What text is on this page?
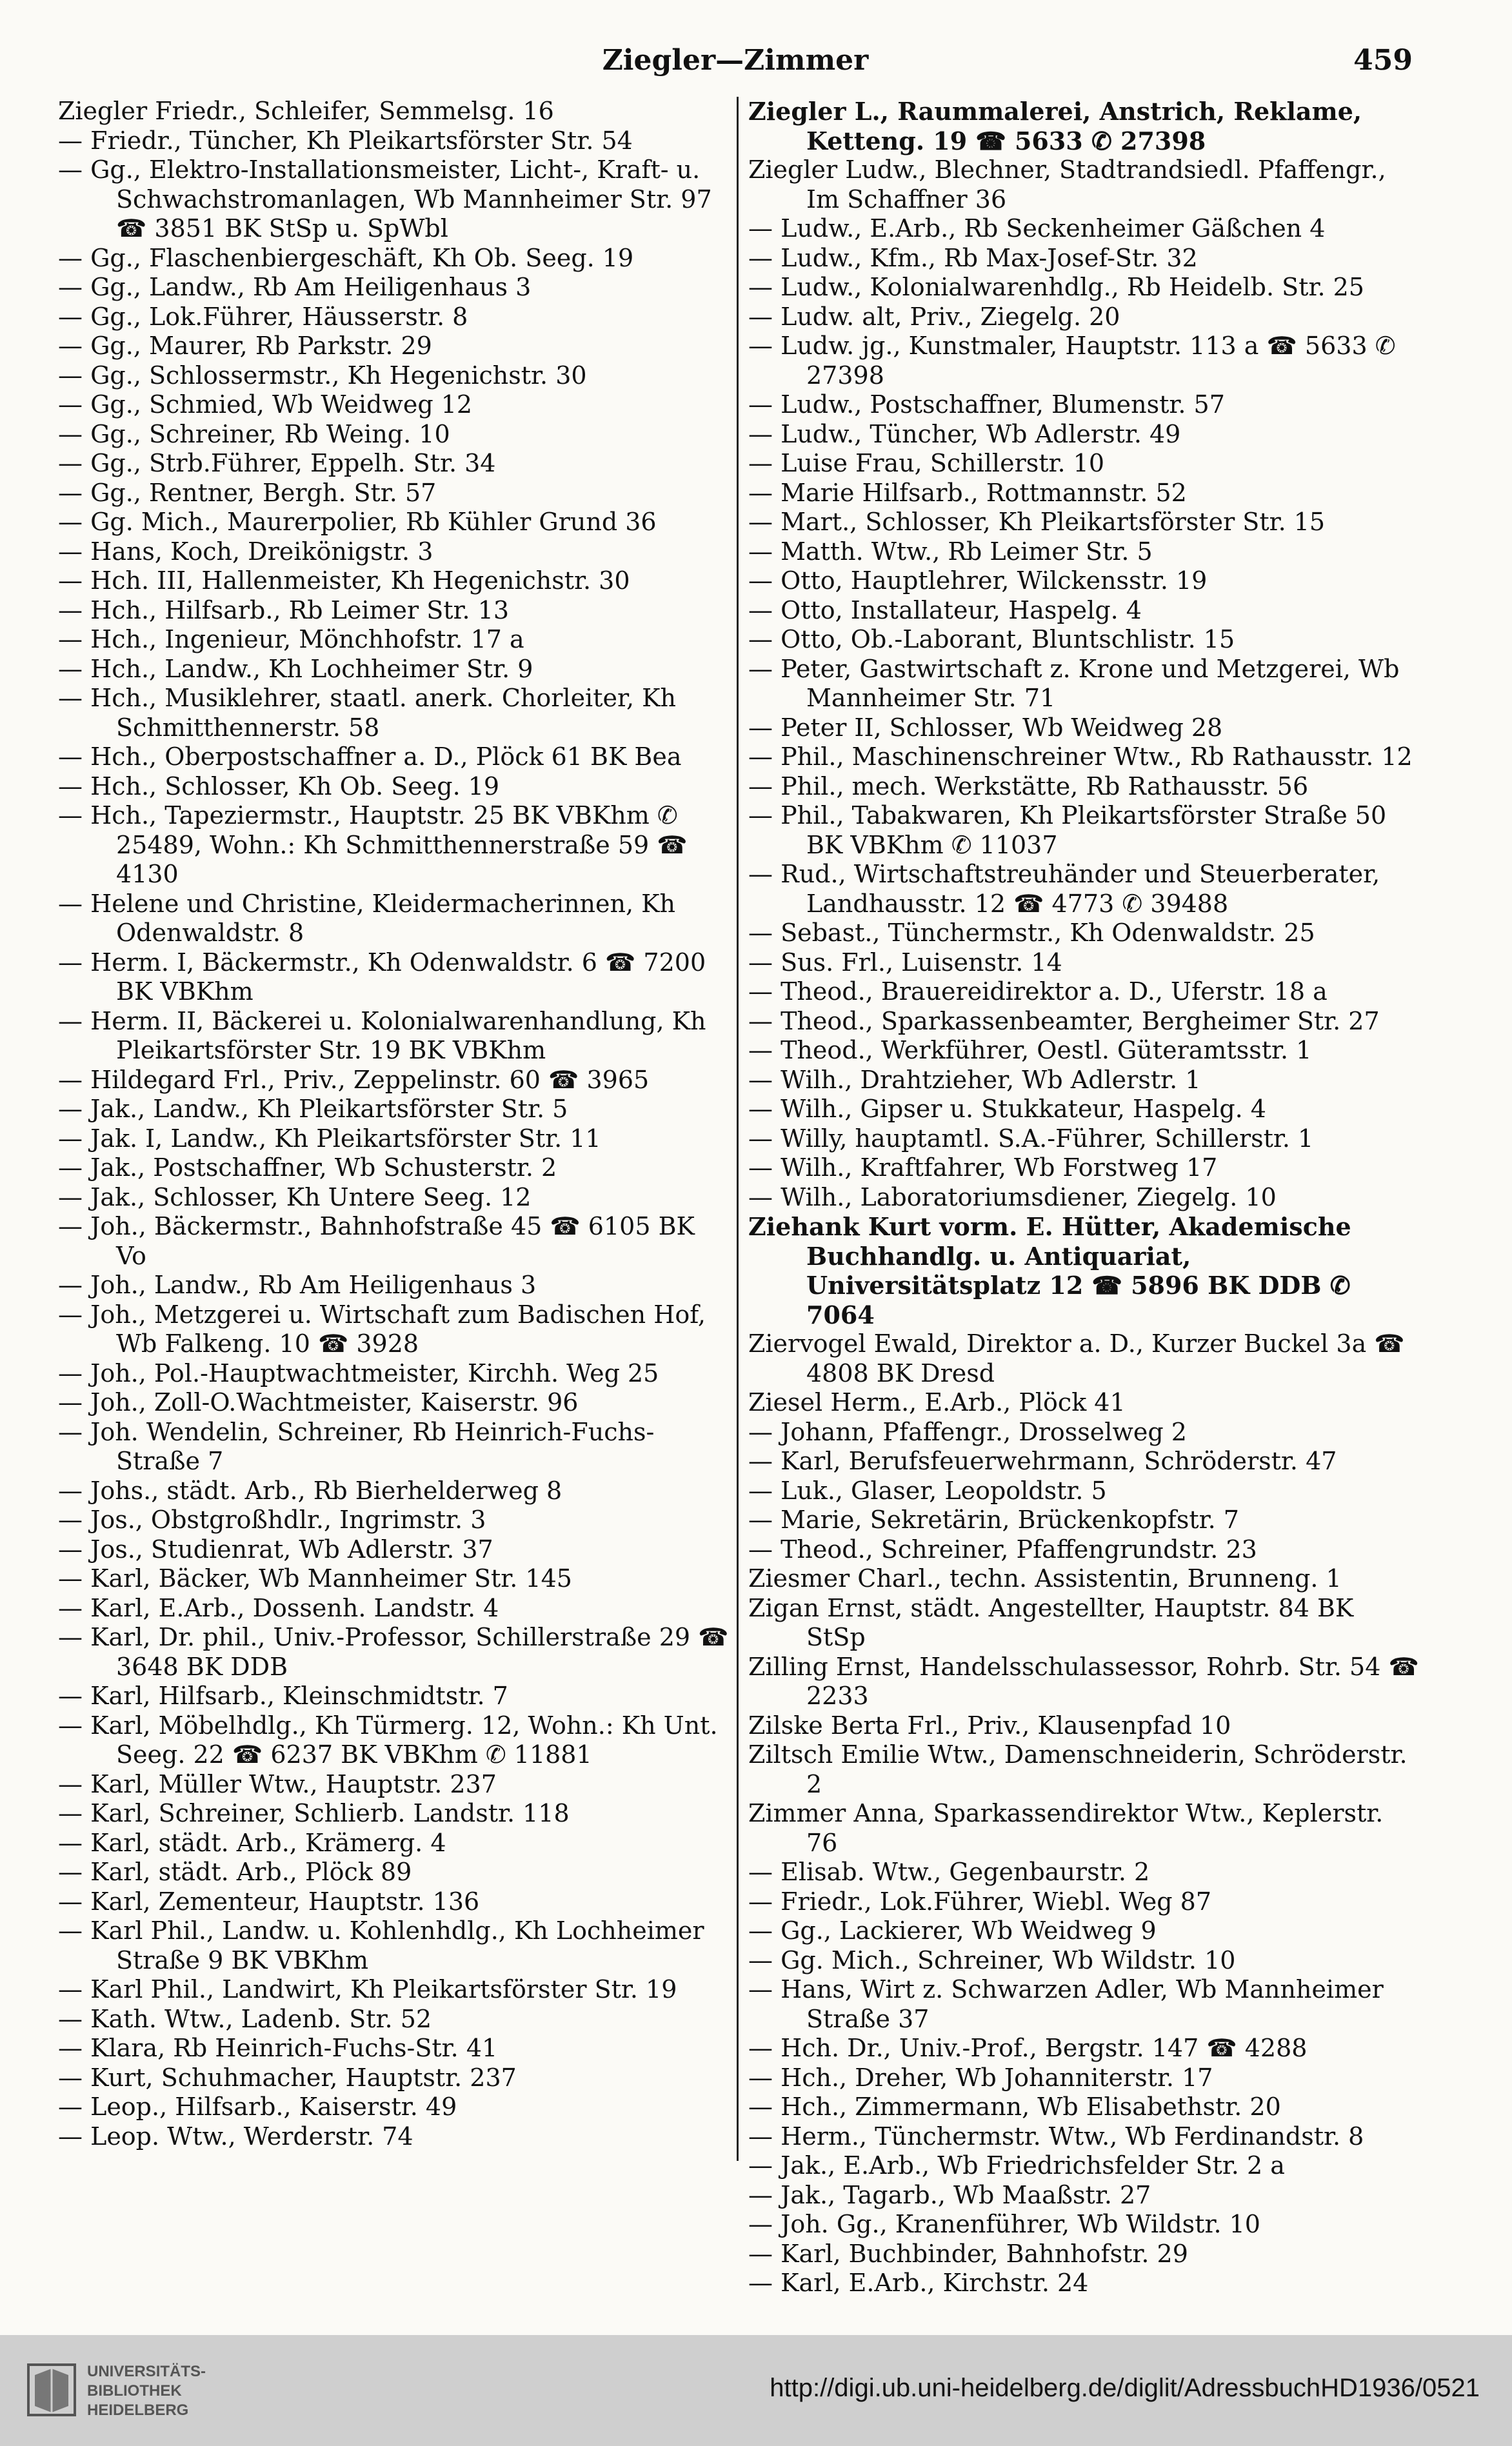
Ziegler—Zimmer	459

Ziegler Friedr., Schleifer, Semmelsg. 16

— Friedr., Tüncher, Kh Pleikartsförster Str. 54

— Gg., Elektro-Installationsmeister, Licht-, Kraft- u. Schwachstromanlagen, Wb Mannheimer Str. 97 ☎ 3851 BK StSp u. SpWbl

— Gg., Flaschenbiergeschäft, Kh Ob. Seeg. 19

— Gg., Landw., Rb Am Heiligenhaus 3

— Gg., Lok.Führer, Häusserstr. 8

— Gg., Maurer, Rb Parkstr. 29

— Gg., Schlossermstr., Kh Hegenichstr. 30

— Gg., Schmied, Wb Weidweg 12

— Gg., Schreiner, Rb Weing. 10

— Gg., Strb.Führer, Eppelh. Str. 34

— Gg., Rentner, Bergh. Str. 57

— Gg. Mich., Maurerpolier, Rb Kühler Grund 36

— Hans, Koch, Dreikönigstr. 3

— Hch. III, Hallenmeister, Kh Hegenichstr. 30

— Hch., Hilfsarb., Rb Leimer Str. 13

— Hch., Ingenieur, Mönchhofstr. 17 a

— Hch., Landw., Kh Lochheimer Str. 9

— Hch., Musiklehrer, staatl. anerk. Chorleiter, Kh Schmitthennerstr. 58

— Hch., Oberpostschaffner a. D., Plöck 61 BK Bea

— Hch., Schlosser, Kh Ob. Seeg. 19

— Hch., Tapeziermstr., Hauptstr. 25 BK VBKhm ✆ 25489, Wohn.: Kh Schmitthennerstraße 59 ☎ 4130

— Helene und Christine, Kleidermacherinnen, Kh Odenwaldstr. 8

— Herm. I, Bäckermstr., Kh Odenwaldstr. 6 ☎ 7200 BK VBKhm

— Herm. II, Bäckerei u. Kolonialwarenhandlung, Kh Pleikartsförster Str. 19 BK VBKhm

— Hildegard Frl., Priv., Zeppelinstr. 60 ☎ 3965

— Jak., Landw., Kh Pleikartsförster Str. 5

— Jak. I, Landw., Kh Pleikartsförster Str. 11

— Jak., Postschaffner, Wb Schusterstr. 2

— Jak., Schlosser, Kh Untere Seeg. 12

— Joh., Bäckermstr., Bahnhofstraße 45 ☎ 6105 BK Vo

— Joh., Landw., Rb Am Heiligenhaus 3

— Joh., Metzgerei u. Wirtschaft zum Badischen Hof, Wb Falkeng. 10 ☎ 3928

— Joh., Pol.-Hauptwachtmeister, Kirchh. Weg 25

— Joh., Zoll-O.Wachtmeister, Kaiserstr. 96

— Joh. Wendelin, Schreiner, Rb Heinrich-Fuchs-Straße 7

— Johs., städt. Arb., Rb Bierhelderweg 8

— Jos., Obstgroßhdlr., Ingrimstr. 3

— Jos., Studienrat, Wb Adlerstr. 37

— Karl, Bäcker, Wb Mannheimer Str. 145

— Karl, E.Arb., Dossenh. Landstr. 4

— Karl, Dr. phil., Univ.-Professor, Schillerstraße 29 ☎ 3648 BK DDB

— Karl, Hilfsarb., Kleinschmidtstr. 7

— Karl, Möbelhdlg., Kh Türmerg. 12, Wohn.: Kh Unt. Seeg. 22 ☎ 6237 BK VBKhm ✆ 11881

— Karl, Müller Wtw., Hauptstr. 237

— Karl, Schreiner, Schlierb. Landstr. 118

— Karl, städt. Arb., Krämerg. 4

— Karl, städt. Arb., Plöck 89

— Karl, Zementeur, Hauptstr. 136

— Karl Phil., Landw. u. Kohlenhdlg., Kh Lochheimer Straße 9 BK VBKhm

— Karl Phil., Landwirt, Kh Pleikartsförster Str. 19

— Kath. Wtw., Ladenb. Str. 52

— Klara, Rb Heinrich-Fuchs-Str. 41

— Kurt, Schuhmacher, Hauptstr. 237

— Leop., Hilfsarb., Kaiserstr. 49

— Leop. Wtw., Werderstr. 74

Ziegler L., Raummalerei, Anstrich, Reklame, Ketteng. 19 ☎ 5633 ✆ 27398

Ziegler Ludw., Blechner, Stadtrandsiedl. Pfaffengr., Im Schaffner 36

— Ludw., E.Arb., Rb Seckenheimer Gäßchen 4

— Ludw., Kfm., Rb Max-Josef-Str. 32

— Ludw., Kolonialwarenhdlg., Rb Heidelb. Str. 25

— Ludw. alt, Priv., Ziegelg. 20

— Ludw. jg., Kunstmaler, Hauptstr. 113 a ☎ 5633 ✆ 27398

— Ludw., Postschaffner, Blumenstr. 57

— Ludw., Tüncher, Wb Adlerstr. 49

— Luise Frau, Schillerstr. 10

— Marie Hilfsarb., Rottmannstr. 52

— Mart., Schlosser, Kh Pleikartsförster Str. 15

— Matth. Wtw., Rb Leimer Str. 5

— Otto, Hauptlehrer, Wilckensstr. 19

— Otto, Installateur, Haspelg. 4

— Otto, Ob.-Laborant, Bluntschlistr. 15

— Peter, Gastwirtschaft z. Krone und Metzgerei, Wb Mannheimer Str. 71

— Peter II, Schlosser, Wb Weidweg 28

— Phil., Maschinenschreiner Wtw., Rb Rathausstr. 12

— Phil., mech. Werkstätte, Rb Rathausstr. 56

— Phil., Tabakwaren, Kh Pleikartsförster Straße 50 BK VBKhm ✆ 11037

— Rud., Wirtschaftstreuhänder und Steuerberater, Landhausstr. 12 ☎ 4773 ✆ 39488

— Sebast., Tünchermstr., Kh Odenwaldstr. 25

— Sus. Frl., Luisenstr. 14

— Theod., Brauereidirektor a. D., Uferstr. 18 a

— Theod., Sparkassenbeamter, Bergheimer Str. 27

— Theod., Werkführer, Oestl. Güteramtsstr. 1

— Wilh., Drahtzieher, Wb Adlerstr. 1

— Wilh., Gipser u. Stukkateur, Haspelg. 4

— Willy, hauptamtl. S.A.-Führer, Schillerstr. 1

— Wilh., Kraftfahrer, Wb Forstweg 17

— Wilh., Laboratoriumsdiener, Ziegelg. 10

Ziehank Kurt vorm. E. Hütter, Akademische Buchhandlg. u. Antiquariat, Universitätsplatz 12 ☎ 5896 BK DDB ✆ 7064

Ziervogel Ewald, Direktor a. D., Kurzer Buckel 3a ☎ 4808 BK Dresd

Ziesel Herm., E.Arb., Plöck 41

— Johann, Pfaffengr., Drosselweg 2

— Karl, Berufsfeuerwehrmann, Schröderstr. 47

— Luk., Glaser, Leopoldstr. 5

— Marie, Sekretärin, Brückenkopfstr. 7

— Theod., Schreiner, Pfaffengrundstr. 23

Ziesmer Charl., techn. Assistentin, Brunneng. 1

Zigan Ernst, städt. Angestellter, Hauptstr. 84 BK StSp

Zilling Ernst, Handelsschulassessor, Rohrb. Str. 54 ☎ 2233

Zilske Berta Frl., Priv., Klausenpfad 10

Ziltsch Emilie Wtw., Damenschneiderin, Schröderstr. 2

Zimmer Anna, Sparkassendirektor Wtw., Keplerstr. 76

— Elisab. Wtw., Gegenbaurstr. 2

— Friedr., Lok.Führer, Wiebl. Weg 87

— Gg., Lackierer, Wb Weidweg 9

— Gg. Mich., Schreiner, Wb Wildstr. 10

— Hans, Wirt z. Schwarzen Adler, Wb Mannheimer Straße 37

— Hch. Dr., Univ.-Prof., Bergstr. 147 ☎ 4288

— Hch., Dreher, Wb Johanniterstr. 17

— Hch., Zimmermann, Wb Elisabethstr. 20

— Herm., Tünchermstr. Wtw., Wb Ferdinandstr. 8

— Jak., E.Arb., Wb Friedrichsfelder Str. 2 a

— Jak., Tagarb., Wb Maaßstr. 27

— Joh. Gg., Kranenführer, Wb Wildstr. 10

— Karl, Buchbinder, Bahnhofstr. 29

— Karl, E.Arb., Kirchstr. 24

UNIVERSITÄTS-
BIBLIOTHEK
HEIDELBERG
http://digi.ub.uni-heidelberg.de/diglit/AdressbuchHD1936/0521
